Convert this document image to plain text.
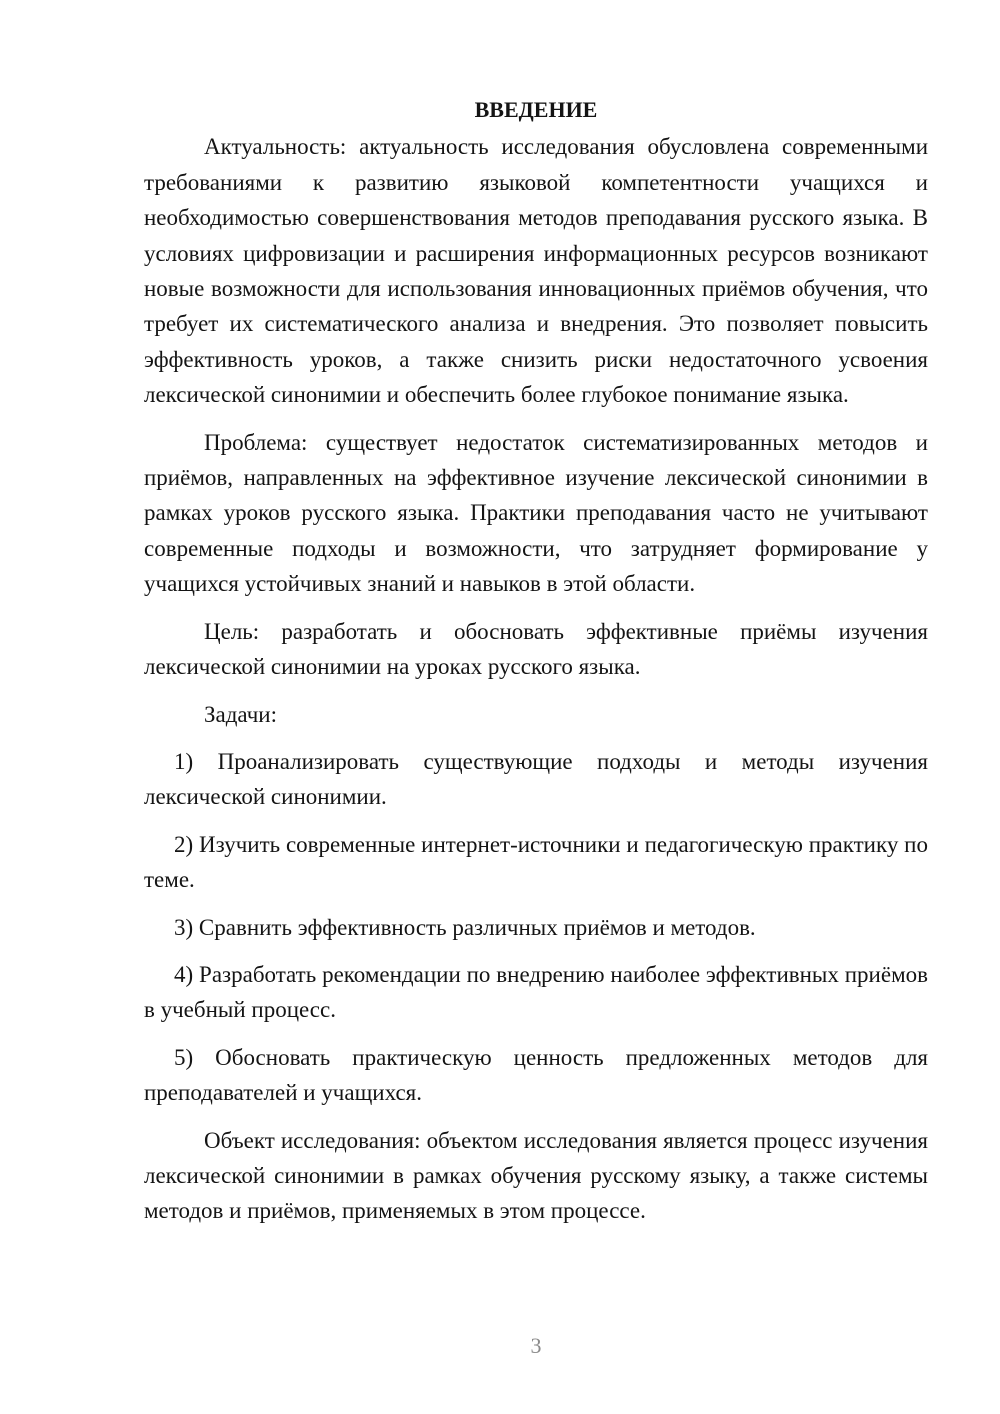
ВВЕДЕНИЕ

Актуальность: актуальность исследования обусловлена современными требованиями к развитию языковой компетентности учащихся и необходимостью совершенствования методов преподавания русского языка. В условиях цифровизации и расширения информационных ресурсов возникают новые возможности для использования инновационных приёмов обучения, что требует их систематического анализа и внедрения. Это позволяет повысить эффективность уроков, а также снизить риски недостаточного усвоения лексической синонимии и обеспечить более глубокое понимание языка.

Проблема: существует недостаток систематизированных методов и приёмов, направленных на эффективное изучение лексической синонимии в рамках уроков русского языка. Практики преподавания часто не учитывают современные подходы и возможности, что затрудняет формирование у учащихся устойчивых знаний и навыков в этой области.

Цель: разработать и обосновать эффективные приёмы изучения лексической синонимии на уроках русского языка.

Задачи:

1) Проанализировать существующие подходы и методы изучения лексической синонимии.

2) Изучить современные интернет-источники и педагогическую практику по теме.

3) Сравнить эффективность различных приёмов и методов.

4) Разработать рекомендации по внедрению наиболее эффективных приёмов в учебный процесс.

5) Обосновать практическую ценность предложенных методов для преподавателей и учащихся.

Объект исследования: объектом исследования является процесс изучения лексической синонимии в рамках обучения русскому языку, а также системы методов и приёмов, применяемых в этом процессе.

3
